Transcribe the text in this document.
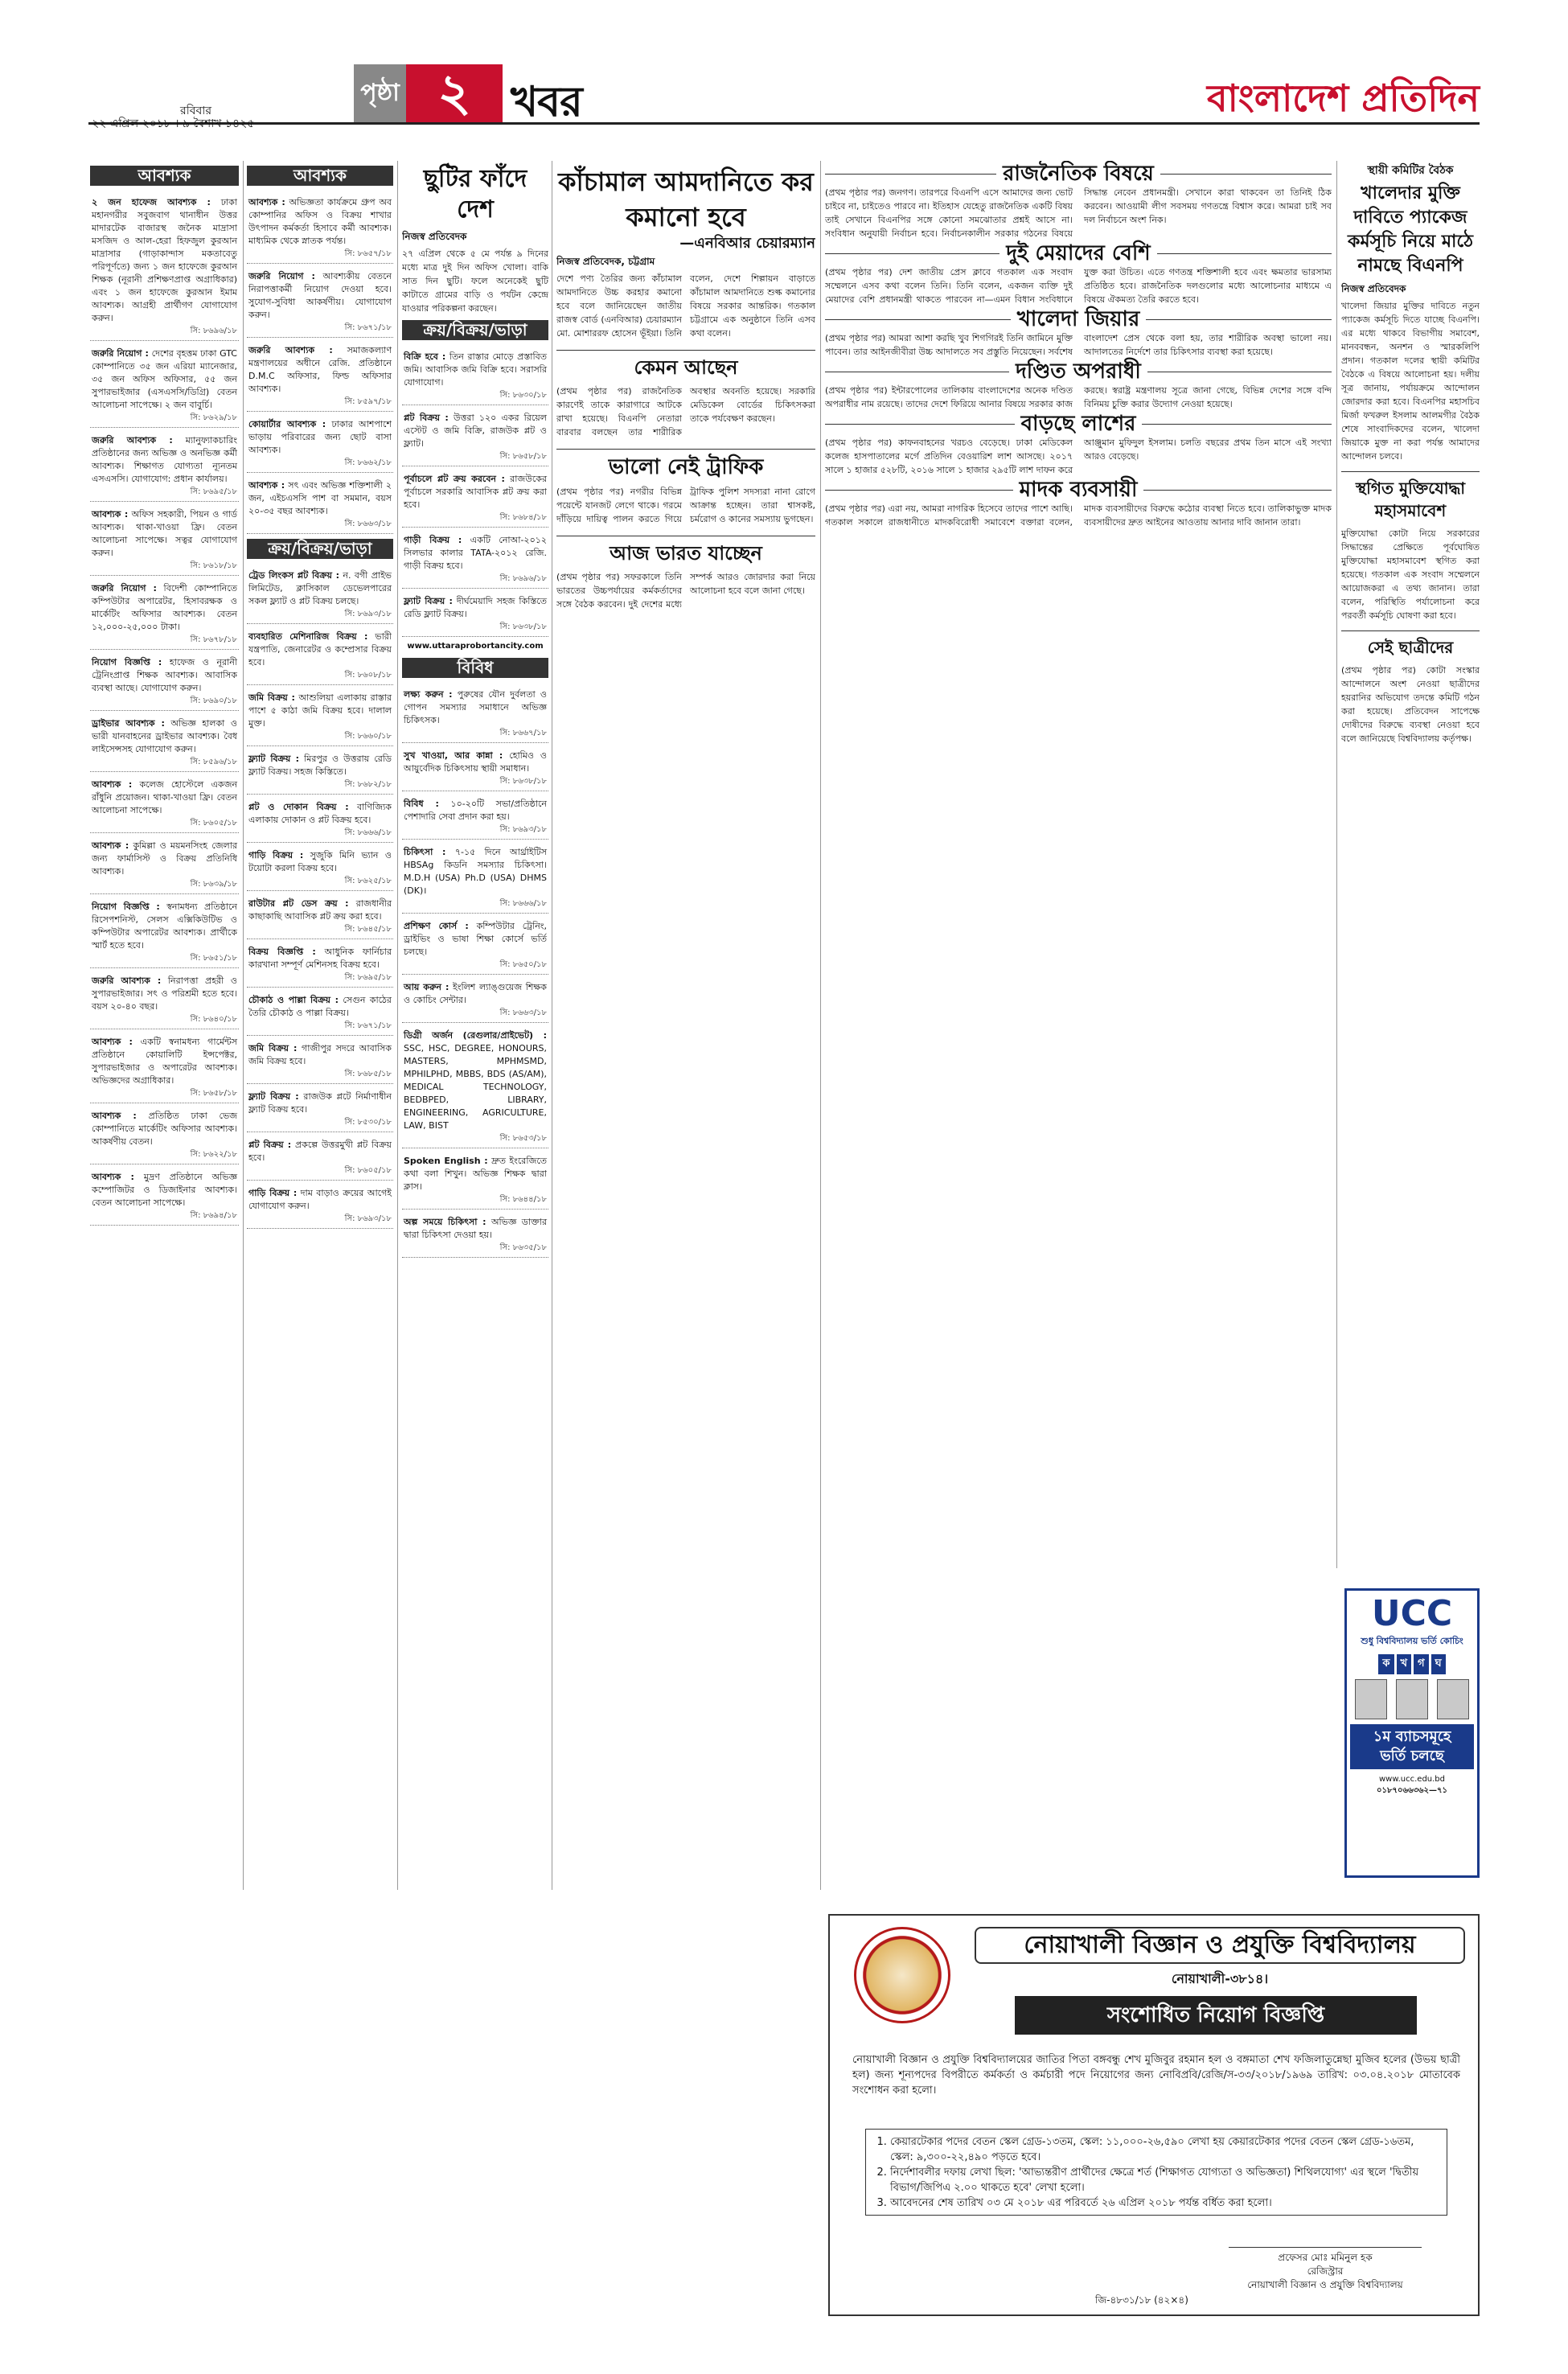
রবিবার
২২ এপ্রিল ২০১৮ । ৯ বৈশাখ ১৪২৫
পৃষ্ঠা ২ খবর	বাংলাদেশ প্রতিদিন
আবশ্যক
২ জন হাফেজ আবশ্যক : ঢাকা মহানগরীর সবুজবাগ থানাধীন উত্তর মাদারটেক বাজারস্থ জনৈক মাদ্রাসা মসজিদ ও আল-হেরা হিফজুল কুরআন মাদ্রাসার (গাড়াকান্দাস মকতাবেতু পরিপূর্ণতে) জন্য ১ জন হাফেজে কুরআন শিক্ষক (নূরানী প্রশিক্ষণপ্রাপ্ত অগ্রাধিকার) এবং ১ জন হাফেজে কুরআন ইমাম আবশ্যক। আগ্রহী প্রার্থীগণ যোগাযোগ করুন।
সি: ৮৬৯৬/১৮
জরুরি নিয়োগ : দেশের বৃহত্তম ঢাকা GTC কোম্পানিতে ৩৫ জন এরিয়া ম্যানেজার, ৩৫ জন অফিস অফিসার, ৫৫ জন সুপারভাইজার (এসএসসি/ডিগ্রি) বেতন আলোচনা সাপেক্ষে। ২ জন বাবুর্চি।
সি: ৮৬২৯/১৮
জরুরি আবশ্যক : ম্যানুফ্যাকচারিং প্রতিষ্ঠানের জন্য অভিজ্ঞ ও অনভিজ্ঞ কর্মী আবশ্যক। শিক্ষাগত যোগ্যতা ন্যূনতম এসএসসি। যোগাযোগ: প্রধান কার্যালয়।
সি: ৮৬৯৫/১৮
আবশ্যক : অফিস সহকারী, পিয়ন ও গার্ড আবশ্যক। থাকা-খাওয়া ফ্রি। বেতন আলোচনা সাপেক্ষে। সত্বর যোগাযোগ করুন।
সি: ৮৬১৮/১৮
জরুরি নিয়োগ : বিদেশী কোম্পানিতে কম্পিউটার অপারেটর, হিসাবরক্ষক ও মার্কেটিং অফিসার আবশ্যক। বেতন ১২,০০০-২৫,০০০ টাকা।
সি: ৮৬৭৮/১৮
নিয়োগ বিজ্ঞপ্তি : হাফেজ ও নূরানী ট্রেনিংপ্রাপ্ত শিক্ষক আবশ্যক। আবাসিক ব্যবস্থা আছে। যোগাযোগ করুন।
সি: ৮৬৯০/১৮
ড্রাইভার আবশ্যক : অভিজ্ঞ হালকা ও ভারী যানবাহনের ড্রাইভার আবশ্যক। বৈধ লাইসেন্সসহ যোগাযোগ করুন।
সি: ৮৫৯৬/১৮
আবশ্যক : কলেজ হোস্টেলে একজন রাঁধুনি প্রয়োজন। থাকা-খাওয়া ফ্রি। বেতন আলোচনা সাপেক্ষে।
সি: ৮৬০৫/১৮
আবশ্যক : কুমিল্লা ও ময়মনসিংহ জেলার জন্য ফার্মাসিস্ট ও বিক্রয় প্রতিনিধি আবশ্যক।
সি: ৮৬৩৯/১৮
নিয়োগ বিজ্ঞপ্তি : স্বনামধন্য প্রতিষ্ঠানে রিসেপশনিস্ট, সেলস এক্সিকিউটিভ ও কম্পিউটার অপারেটর আবশ্যক। প্রার্থীকে স্মার্ট হতে হবে।
সি: ৮৬৫১/১৮
জরুরি আবশ্যক : নিরাপত্তা প্রহরী ও সুপারভাইজার। সৎ ও পরিশ্রমী হতে হবে। বয়স ২০-৪০ বছর।
সি: ৮৬৪০/১৮
আবশ্যক : একটি স্বনামধন্য গার্মেন্টস প্রতিষ্ঠানে কোয়ালিটি ইন্সপেক্টর, সুপারভাইজার ও অপারেটর আবশ্যক। অভিজ্ঞদের অগ্রাধিকার।
সি: ৮৬৫৮/১৮
আবশ্যক : প্রতিষ্ঠিত ঢাকা ভেজ কোম্পানিতে মার্কেটিং অফিসার আবশ্যক। আকর্ষণীয় বেতন।
সি: ৮৬২২/১৮
আবশ্যক : মুদ্রণ প্রতিষ্ঠানে অভিজ্ঞ কম্পোজিটর ও ডিজাইনার আবশ্যক। বেতন আলোচনা সাপেক্ষে।
সি: ৮৬৯৪/১৮
আবশ্যক
আবশ্যক : অভিজ্ঞতা কার্যক্রমে গ্রুপ অব কোম্পানির অফিস ও বিক্রয় শাখার উৎপাদন কর্মকর্তা হিসাবে কর্মী আবশ্যক। মাধ্যমিক থেকে স্নাতক পর্যন্ত।
সি: ৮৬৫৭/১৮
জরুরি নিয়োগ : আবশ্যকীয় বেতনে নিরাপত্তাকর্মী নিয়োগ দেওয়া হবে। সুযোগ-সুবিধা আকর্ষণীয়। যোগাযোগ করুন।
সি: ৮৬৭১/১৮
জরুরি আবশ্যক : সমাজকল্যাণ মন্ত্রণালয়ের অধীনে রেজি. প্রতিষ্ঠানে D.M.C অফিসার, ফিল্ড অফিসার আবশ্যক।
সি: ৮৫৯৭/১৮
কোয়ার্টার আবশ্যক : ঢাকার আশপাশে ভাড়ায় পরিবারের জন্য ছোট বাসা আবশ্যক।
সি: ৮৬৬২/১৮
আবশ্যক : সৎ এবং অভিজ্ঞ শক্তিশালী ২ জন, এইচএসসি পাশ বা সমমান, বয়স ২০-৩৫ বছর আবশ্যক।
সি: ৮৬৬৩/১৮
ক্রয়/বিক্রয়/ভাড়া
ট্রেড লিংকস প্লট বিক্রয় : ন. বগী প্রাইভ লিমিটেড, ক্লাসিকাল ডেভেলপারের সকল ফ্ল্যাট ও প্লট বিক্রয় চলছে।
সি: ৮৬৯৩/১৮
ব্যবহারিত মেশিনারিজ বিক্রয় : ভারী যন্ত্রপাতি, জেনারেটর ও কম্প্রেসার বিক্রয় হবে।
সি: ৮৬০৮/১৮
জমি বিক্রয় : আশুলিয়া এলাকায় রাস্তার পাশে ৫ কাঠা জমি বিক্রয় হবে। দালাল মুক্ত।
সি: ৮৬৬০/১৮
ফ্ল্যাট বিক্রয় : মিরপুর ও উত্তরায় রেডি ফ্ল্যাট বিক্রয়। সহজ কিস্তিতে।
সি: ৮৬৮২/১৮
প্লট ও দোকান বিক্রয় : বাণিজ্যিক এলাকায় দোকান ও প্লট বিক্রয় হবে।
সি: ৮৬৬৬/১৮
গাড়ি বিক্রয় : সুজুকি মিনি ভ্যান ও টয়োটা করলা বিক্রয় হবে।
সি: ৮৬২৫/১৮
রাউটার প্লট ডেস ক্রয় : রাজধানীর কাছাকাছি আবাসিক প্লট ক্রয় করা হবে।
সি: ৮৬৪৫/১৮
বিক্রয় বিজ্ঞপ্তি : আধুনিক ফার্নিচার কারখানা সম্পূর্ণ মেশিনসহ বিক্রয় হবে।
সি: ৮৬৯৫/১৮
চৌকাঠ ও পাল্লা বিক্রয় : সেগুন কাঠের তৈরি চৌকাঠ ও পাল্লা বিক্রয়।
সি: ৮৬৭১/১৮
জমি বিক্রয় : গাজীপুর সদরে আবাসিক জমি বিক্রয় হবে।
সি: ৮৬৮৫/১৮
ফ্ল্যাট বিক্রয় : রাজউক প্লটে নির্মাণাধীন ফ্ল্যাট বিক্রয় হবে।
সি: ৮৫৩০/১৮
প্লট বিক্রয় : প্রকল্পে উত্তরমুখী প্লট বিক্রয় হবে।
সি: ৮৬০৫/১৮
গাড়ি বিক্রয় : দাম বাড়াও ক্রয়ের আগেই যোগাযোগ করুন।
সি: ৮৬৯৩/১৮
ছুটির ফাঁদে দেশ
নিজস্ব প্রতিবেদক

২৭ এপ্রিল থেকে ৫ মে পর্যন্ত ৯ দিনের মধ্যে মাত্র দুই দিন অফিস খোলা। বাকি সাত দিন ছুটি। ফলে অনেকেই ছুটি কাটাতে গ্রামের বাড়ি ও পর্যটন কেন্দ্রে যাওয়ার পরিকল্পনা করছেন।

ক্রয়/বিক্রয়/ভাড়া
বিক্রি হবে : তিন রাস্তার মোড়ে প্রস্তাবিত জমি। আবাসিক জমি বিক্রি হবে। সরাসরি যোগাযোগ।
সি: ৮৬৩০/১৮
প্লট বিক্রয় : উত্তরা ১২০ একর রিয়েল এস্টেট ও জমি বিক্রি, রাজউক প্লট ও ফ্ল্যাট।
সি: ৮৬৫৮/১৮
পূর্বাচলে প্লট ক্রয় করবেন : রাজউকের পূর্বাচলে সরকারি আবাসিক প্লট ক্রয় করা হবে।
সি: ৮৬৮৪/১৮
গাড়ী বিক্রয় : একটি নোআ-২০১২ সিলভার কালার TATA-২০১২ রেজি. গাড়ী বিক্রয় হবে।
সি: ৮৬৯৬/১৮
ফ্ল্যাট বিক্রয় : দীর্ঘমেয়াদি সহজ কিস্তিতে রেডি ফ্ল্যাট বিক্রয়।
সি: ৮৬৩৮/১৮
www.uttaraprobortancity.com
বিবিধ
লক্ষ্য করুন : পুরুষের যৌন দুর্বলতা ও গোপন সমস্যার সমাধানে অভিজ্ঞ চিকিৎসক।
সি: ৮৬৬৭/১৮
সুখ খাওয়া, আর কান্না : হোমিও ও আয়ুর্বেদিক চিকিৎসায় স্থায়ী সমাধান।
সি: ৮৬৩৮/১৮
বিবিধ : ১০-২০টি সভা/প্রতিষ্ঠানে পেশাদারি সেবা প্রদান করা হয়।
সি: ৮৬৯৩/১৮
চিকিৎসা : ৭-১৫ দিনে আর্থ্রাইটিস HBSAg কিডনি সমস্যার চিকিৎসা। M.D.H (USA) Ph.D (USA) DHMS (DK)।
সি: ৮৬৬৬/১৮
প্রশিক্ষণ কোর্স : কম্পিউটার ট্রেনিং, ড্রাইভিং ও ভাষা শিক্ষা কোর্সে ভর্তি চলছে।
সি: ৮৬৫০/১৮
আয় করুন : ইংলিশ ল্যাঙ্গুয়েজ শিক্ষক ও কোচিং সেন্টার।
সি: ৮৬৬৩/১৮
ডিগ্রী অর্জন (রেগুলার/প্রাইভেট) : SSC, HSC, DEGREE, HONOURS, MASTERS, MPHMSMD, MPHILPHD, MBBS, BDS (AS/AM), MEDICAL TECHNOLOGY, BEDBPED, LIBRARY, ENGINEERING, AGRICULTURE, LAW, BIST
সি: ৮৬৫৩/১৮
Spoken English : দ্রুত ইংরেজিতে কথা বলা শিখুন। অভিজ্ঞ শিক্ষক দ্বারা ক্লাস।
সি: ৮৬৪৪/১৮
অল্প সময়ে চিকিৎসা : অভিজ্ঞ ডাক্তার দ্বারা চিকিৎসা দেওয়া হয়।
সি: ৮৬৩৫/১৮
কাঁচামাল আমদানিতে কর কমানো হবে
—এনবিআর চেয়ারম্যান
নিজস্ব প্রতিবেদক, চট্টগ্রাম

দেশে পণ্য তৈরির জন্য কাঁচামাল আমদানিতে উচ্চ করহার কমানো হবে বলে জানিয়েছেন জাতীয় রাজস্ব বোর্ড (এনবিআর) চেয়ারম্যান মো. মোশাররফ হোসেন ভূঁইয়া। তিনি বলেন, দেশে শিল্পায়ন বাড়াতে কাঁচামাল আমদানিতে শুল্ক কমানোর বিষয়ে সরকার আন্তরিক। গতকাল চট্টগ্রামে এক অনুষ্ঠানে তিনি এসব কথা বলেন।

কেমন আছেন

(প্রথম পৃষ্ঠার পর) রাজনৈতিক কারণেই তাকে কারাগারে আটকে রাখা হয়েছে। বিএনপি নেতারা বারবার বলছেন তার শারীরিক অবস্থার অবনতি হয়েছে। সরকারি মেডিকেল বোর্ডের চিকিৎসকরা তাকে পর্যবেক্ষণ করছেন।

ভালো নেই ট্রাফিক

(প্রথম পৃষ্ঠার পর) নগরীর বিভিন্ন পয়েন্টে যানজট লেগে থাকে। গরমে দাঁড়িয়ে দায়িত্ব পালন করতে গিয়ে ট্রাফিক পুলিশ সদস্যরা নানা রোগে আক্রান্ত হচ্ছেন। তারা শ্বাসকষ্ট, চর্মরোগ ও কানের সমস্যায় ভুগছেন।

আজ ভারত যাচ্ছেন

(প্রথম পৃষ্ঠার পর) সফরকালে তিনি ভারতের উচ্চপর্যায়ের কর্মকর্তাদের সঙ্গে বৈঠক করবেন। দুই দেশের মধ্যে সম্পর্ক আরও জোরদার করা নিয়ে আলোচনা হবে বলে জানা গেছে।

রাজনৈতিক বিষয়ে

(প্রথম পৃষ্ঠার পর) জনগণ। তারপরে বিএনপি এসে আমাদের জন্য ভোট চাইবে না, চাইতেও পারবে না। ইতিহাস যেহেতু রাজনৈতিক একটি বিষয় তাই সেখানে বিএনপির সঙ্গে কোনো সমঝোতার প্রশ্নই আসে না। সংবিধান অনুযায়ী নির্বাচন হবে। নির্বাচনকালীন সরকার গঠনের বিষয়ে সিদ্ধান্ত নেবেন প্রধানমন্ত্রী। সেখানে কারা থাকবেন তা তিনিই ঠিক করবেন। আওয়ামী লীগ সবসময় গণতন্ত্রে বিশ্বাস করে। আমরা চাই সব দল নির্বাচনে অংশ নিক।

দুই মেয়াদের বেশি

(প্রথম পৃষ্ঠার পর) দেশ জাতীয় প্রেস ক্লাবে গতকাল এক সংবাদ সম্মেলনে এসব কথা বলেন তিনি। তিনি বলেন, একজন ব্যক্তি দুই মেয়াদের বেশি প্রধানমন্ত্রী থাকতে পারবেন না—এমন বিধান সংবিধানে যুক্ত করা উচিত। এতে গণতন্ত্র শক্তিশালী হবে এবং ক্ষমতার ভারসাম্য প্রতিষ্ঠিত হবে। রাজনৈতিক দলগুলোর মধ্যে আলোচনার মাধ্যমে এ বিষয়ে ঐকমত্য তৈরি করতে হবে।

খালেদা জিয়ার

(প্রথম পৃষ্ঠার পর) আমরা আশা করছি খুব শিগগিরই তিনি জামিনে মুক্তি পাবেন। তার আইনজীবীরা উচ্চ আদালতে সব প্রস্তুতি নিয়েছেন। সর্বশেষ বাংলাদেশ প্রেস থেকে বলা হয়, তার শারীরিক অবস্থা ভালো নয়। আদালতের নির্দেশে তার চিকিৎসার ব্যবস্থা করা হয়েছে।

দণ্ডিত অপরাধী

(প্রথম পৃষ্ঠার পর) ইন্টারপোলের তালিকায় বাংলাদেশের অনেক দণ্ডিত অপরাধীর নাম রয়েছে। তাদের দেশে ফিরিয়ে আনার বিষয়ে সরকার কাজ করছে। স্বরাষ্ট্র মন্ত্রণালয় সূত্রে জানা গেছে, বিভিন্ন দেশের সঙ্গে বন্দি বিনিময় চুক্তি করার উদ্যোগ নেওয়া হয়েছে।

বাড়ছে লাশের

(প্রথম পৃষ্ঠার পর) কাফনবাহনের খরচও বেড়েছে। ঢাকা মেডিকেল কলেজ হাসপাতালের মর্গে প্রতিদিন বেওয়ারিশ লাশ আসছে। ২০১৭ সালে ১ হাজার ৫২৮টি, ২০১৬ সালে ১ হাজার ২৯৫টি লাশ দাফন করে আঞ্জুমান মুফিদুল ইসলাম। চলতি বছরের প্রথম তিন মাসে এই সংখ্যা আরও বেড়েছে।

মাদক ব্যবসায়ী

(প্রথম পৃষ্ঠার পর) এরা নয়, আমরা নাগরিক হিসেবে তাদের পাশে আছি। গতকাল সকালে রাজধানীতে মাদকবিরোধী সমাবেশে বক্তারা বলেন, মাদক ব্যবসায়ীদের বিরুদ্ধে কঠোর ব্যবস্থা নিতে হবে। তালিকাভুক্ত মাদক ব্যবসায়ীদের দ্রুত আইনের আওতায় আনার দাবি জানান তারা।

স্থায়ী কমিটির বৈঠক
খালেদার মুক্তি দাবিতে প্যাকেজ কর্মসূচি নিয়ে মাঠে নামছে বিএনপি
নিজস্ব প্রতিবেদক

খালেদা জিয়ার মুক্তির দাবিতে নতুন প্যাকেজ কর্মসূচি দিতে যাচ্ছে বিএনপি। এর মধ্যে থাকবে বিভাগীয় সমাবেশ, মানববন্ধন, অনশন ও স্মারকলিপি প্রদান। গতকাল দলের স্থায়ী কমিটির বৈঠকে এ বিষয়ে আলোচনা হয়। দলীয় সূত্র জানায়, পর্যায়ক্রমে আন্দোলন জোরদার করা হবে। বিএনপির মহাসচিব মির্জা ফখরুল ইসলাম আলমগীর বৈঠক শেষে সাংবাদিকদের বলেন, খালেদা জিয়াকে মুক্ত না করা পর্যন্ত আমাদের আন্দোলন চলবে।

স্থগিত মুক্তিযোদ্ধা মহাসমাবেশ

মুক্তিযোদ্ধা কোটা নিয়ে সরকারের সিদ্ধান্তের প্রেক্ষিতে পূর্বঘোষিত মুক্তিযোদ্ধা মহাসমাবেশ স্থগিত করা হয়েছে। গতকাল এক সংবাদ সম্মেলনে আয়োজকরা এ তথ্য জানান। তারা বলেন, পরিস্থিতি পর্যালোচনা করে পরবর্তী কর্মসূচি ঘোষণা করা হবে।

সেই ছাত্রীদের

(প্রথম পৃষ্ঠার পর) কোটা সংস্কার আন্দোলনে অংশ নেওয়া ছাত্রীদের হয়রানির অভিযোগ তদন্তে কমিটি গঠন করা হয়েছে। প্রতিবেদন সাপেক্ষে দোষীদের বিরুদ্ধে ব্যবস্থা নেওয়া হবে বলে জানিয়েছে বিশ্ববিদ্যালয় কর্তৃপক্ষ।

UCC
শুধু বিশ্ববিদ্যালয় ভর্তি কোচিং
ক	খ	গ	ঘ
১ম ব্যাচসমূহে
ভর্তি চলছে
www.ucc.edu.bd
০১৮৭০৬৬৩৬২—৭১
নোয়াখালী বিজ্ঞান ও প্রযুক্তি বিশ্ববিদ্যালয়
নোয়াখালী-৩৮১৪।
সংশোধিত নিয়োগ বিজ্ঞপ্তি
নোয়াখালী বিজ্ঞান ও প্রযুক্তি বিশ্ববিদ্যালয়ের জাতির পিতা বঙ্গবন্ধু শেখ মুজিবুর রহমান হল ও বঙ্গমাতা শেখ ফজিলাতুন্নেছা মুজিব হলের (উভয় ছাত্রী হল) জন্য শূন্যপদের বিপরীতে কর্মকর্তা ও কর্মচারী পদে নিয়োগের জন্য নোবিপ্রবি/রেজি/স-৩৩/২০১৮/১৯৬৯ তারিখ: ০৩.০৪.২০১৮ মোতাবেক সংশোধন করা হলো।
1. কেয়ারটেকার পদের বেতন স্কেল গ্রেড-১৩তম, স্কেল: ১১,০০০-২৬,৫৯০ লেখা হয় কেয়ারটেকার পদের বেতন স্কেল গ্রেড-১৬তম, স্কেল: ৯,৩০০-২২,৪৯০ পড়তে হবে।
2. নির্দেশাবলীর দফায় লেখা ছিল: 'আভ্যন্তরীণ প্রার্থীদের ক্ষেত্রে শর্ত (শিক্ষাগত যোগ্যতা ও অভিজ্ঞতা) শিথিলযোগ্য' এর স্থলে 'দ্বিতীয় বিভাগ/জিপিএ ২.০০ থাকতে হবে' লেখা হলো।
3. আবেদনের শেষ তারিখ ০৩ মে ২০১৮ এর পরিবর্তে ২৬ এপ্রিল ২০১৮ পর্যন্ত বর্ধিত করা হলো।
প্রফেসর মোঃ মমিনুল হক
রেজিস্ট্রার
নোয়াখালী বিজ্ঞান ও প্রযুক্তি বিশ্ববিদ্যালয়
জি-৪৮৩১/১৮ (৪২×৪)
